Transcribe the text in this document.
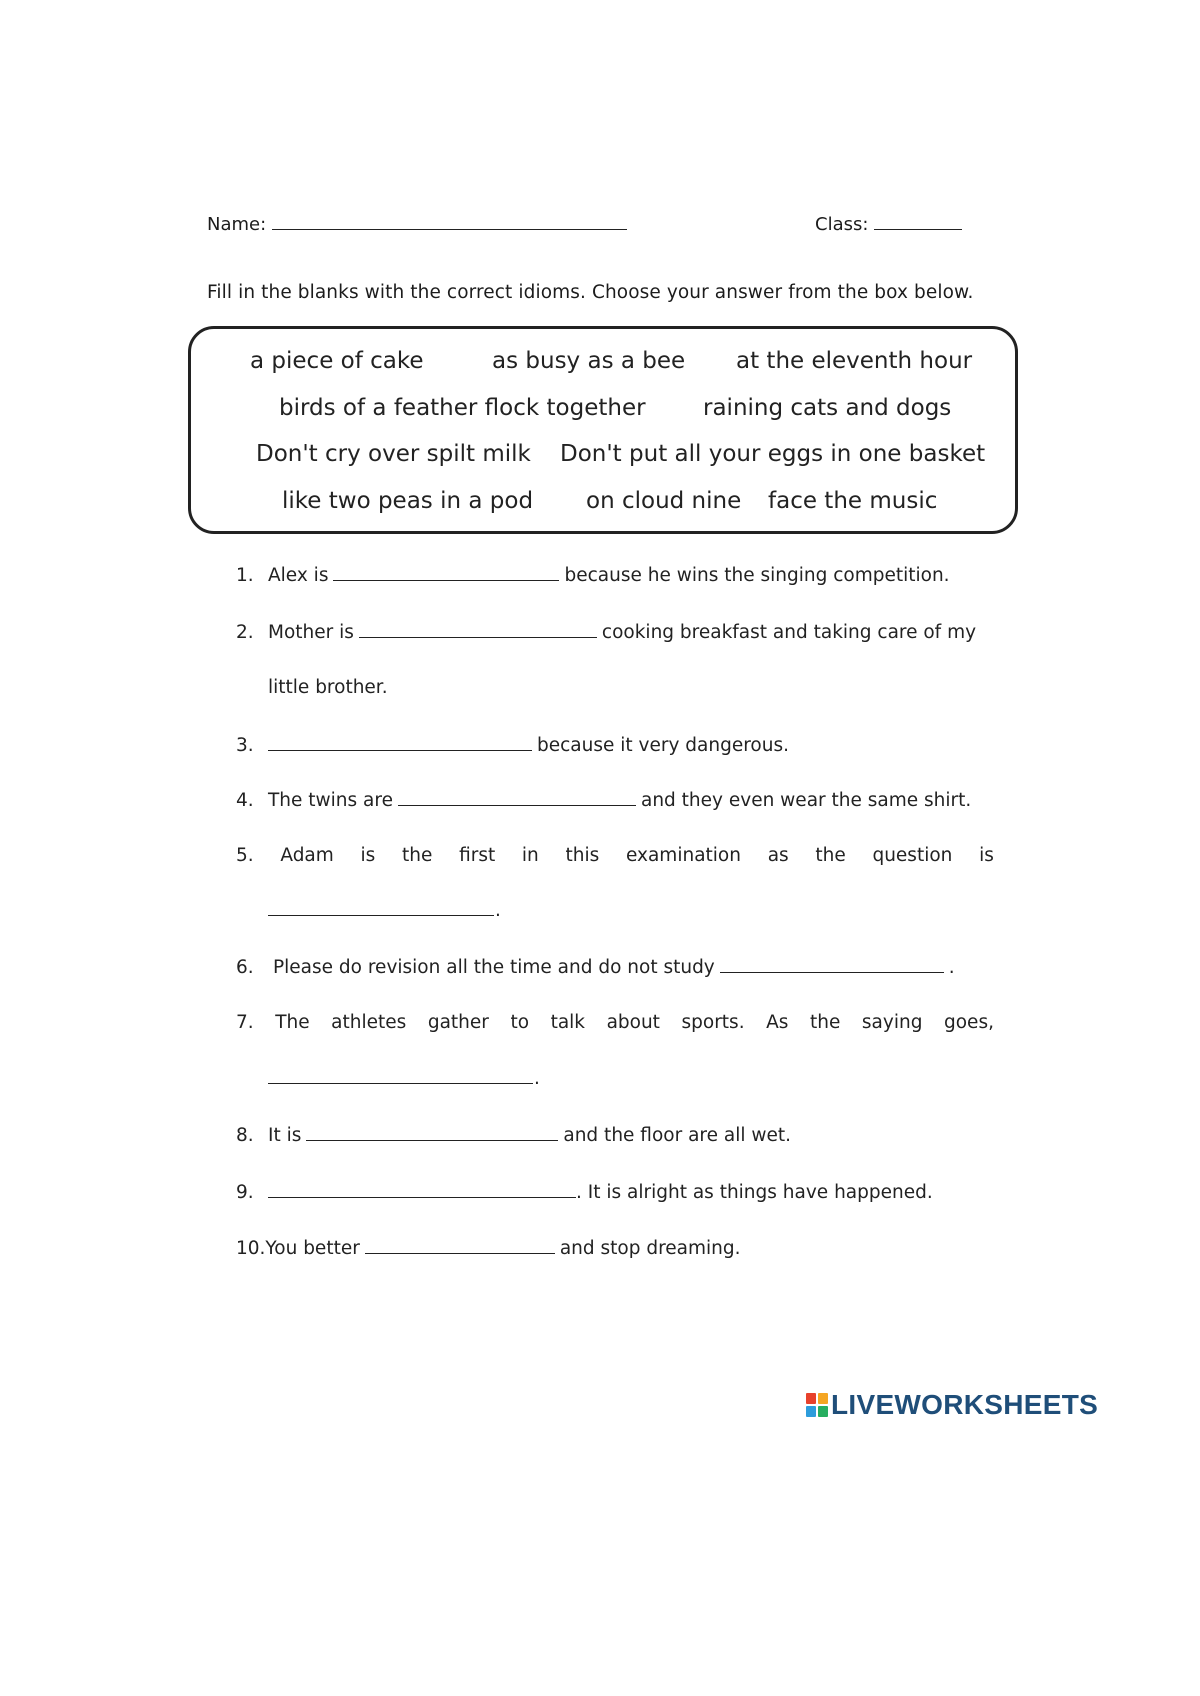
Name:	Class:
Fill in the blanks with the correct idioms. Choose your answer from the box below.
a piece of cake	as busy as a bee at the eleventh hour
birds of a feather flock together raining cats and dogs
Don't cry over spilt milk Don't put all your eggs in one basket
like two peas in a pod on cloud nine face the music
1. Alex is	because he wins the singing competition.
2. Mother is	cooking breakfast and taking care of my
little brother.
3.	because it very dangerous.
4. The twins are	and they even wear the same shirt.
5. Adam is the first in this examination as the question is
.
6. Please do revision all the time and do not study	.
7. The athletes gather to talk about sports. As the saying goes,
.
8. It is	and the floor are all wet.
9.	. It is alright as things have happened.
10.You better	and stop dreaming.
LIVEWORKSHEETS
